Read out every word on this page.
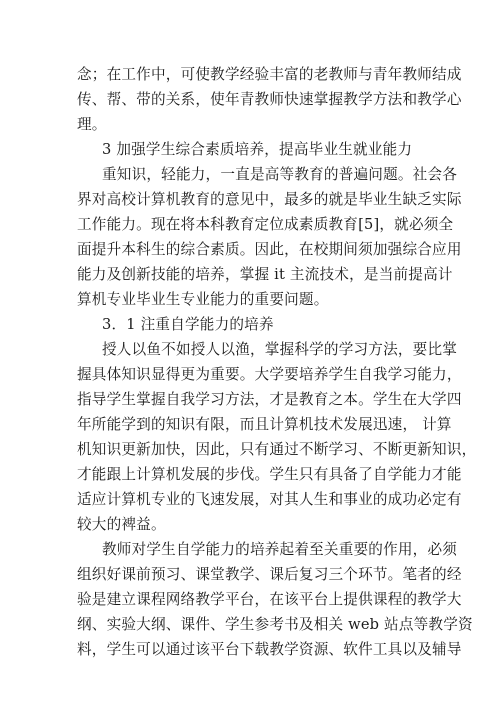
念；在工作中，可使教学经验丰富的老教师与青年教师结成
传、帮、带的关系，使年青教师快速掌握教学方法和教学心
理。
3 加强学生综合素质培养，提高毕业生就业能力
重知识，轻能力，一直是高等教育的普遍问题。社会各
界对高校计算机教育的意见中，最多的就是毕业生缺乏实际
工作能力。现在将本科教育定位成素质教育[5]，就必须全
面提升本科生的综合素质。因此，在校期间须加强综合应用
能力及创新技能的培养，掌握 it 主流技术，是当前提高计
算机专业毕业生专业能力的重要问题。
3．1 注重自学能力的培养
授人以鱼不如授人以渔，掌握科学的学习方法，要比掌
握具体知识显得更为重要。大学要培养学生自我学习能力，
指导学生掌握自我学习方法，才是教育之本。学生在大学四
年所能学到的知识有限，而且计算机技术发展迅速， 计算
机知识更新加快，因此，只有通过不断学习、不断更新知识，
才能跟上计算机发展的步伐。学生只有具备了自学能力才能
适应计算机专业的飞速发展，对其人生和事业的成功必定有
较大的裨益。
教师对学生自学能力的培养起着至关重要的作用，必须
组织好课前预习、课堂教学、课后复习三个环节。笔者的经
验是建立课程网络教学平台，在该平台上提供课程的教学大
纲、实验大纲、课件、学生参考书及相关 web 站点等教学资
料，学生可以通过该平台下载教学资源、软件工具以及辅导
